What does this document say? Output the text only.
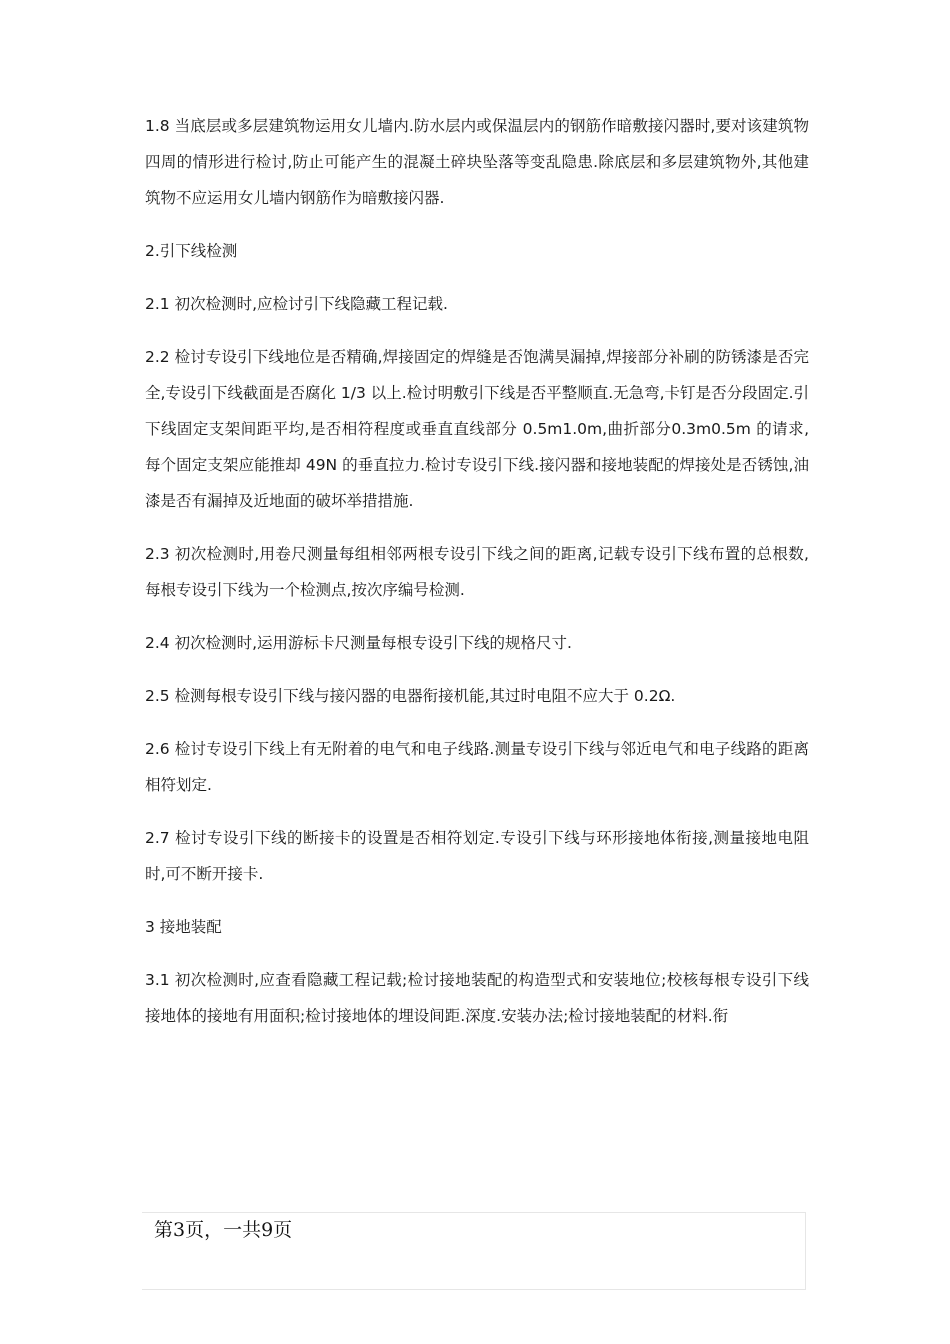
1.8 当底层或多层建筑物运用女儿墙内.防水层内或保温层内的钢筋作暗敷接闪器时,要对该建筑物四周的情形进行检讨,防止可能产生的混凝土碎块坠落等变乱隐患.除底层和多层建筑物外,其他建筑物不应运用女儿墙内钢筋作为暗敷接闪器.

2.引下线检测

2.1 初次检测时,应检讨引下线隐藏工程记载.

2.2 检讨专设引下线地位是否精确,焊接固定的焊缝是否饱满昊漏掉,焊接部分补刷的防锈漆是否完全,专设引下线截面是否腐化 1/3 以上.检讨明敷引下线是否平整顺直.无急弯,卡钉是否分段固定.引下线固定支架间距平均,是否相符程度或垂直直线部分 0.5m1.0m,曲折部分0.3m0.5m 的请求,每个固定支架应能推却 49N 的垂直拉力.检讨专设引下线.接闪器和接地装配的焊接处是否锈蚀,油漆是否有漏掉及近地面的破坏举措措施.

2.3 初次检测时,用卷尺测量每组相邻两根专设引下线之间的距离,记载专设引下线布置的总根数,每根专设引下线为一个检测点,按次序编号检测.

2.4 初次检测时,运用游标卡尺测量每根专设引下线的规格尺寸.

2.5 检测每根专设引下线与接闪器的电器衔接机能,其过时电阻不应大于 0.2Ω.

2.6 检讨专设引下线上有无附着的电气和电子线路.测量专设引下线与邻近电气和电子线路的距离相符划定.

2.7 检讨专设引下线的断接卡的设置是否相符划定.专设引下线与环形接地体衔接,测量接地电阻时,可不断开接卡.

3 接地装配

3.1 初次检测时,应查看隐藏工程记载;检讨接地装配的构造型式和安装地位;校核每根专设引下线接地体的接地有用面积;检讨接地体的埋设间距.深度.安装办法;检讨接地装配的材料.衔

第3页，一共9页
